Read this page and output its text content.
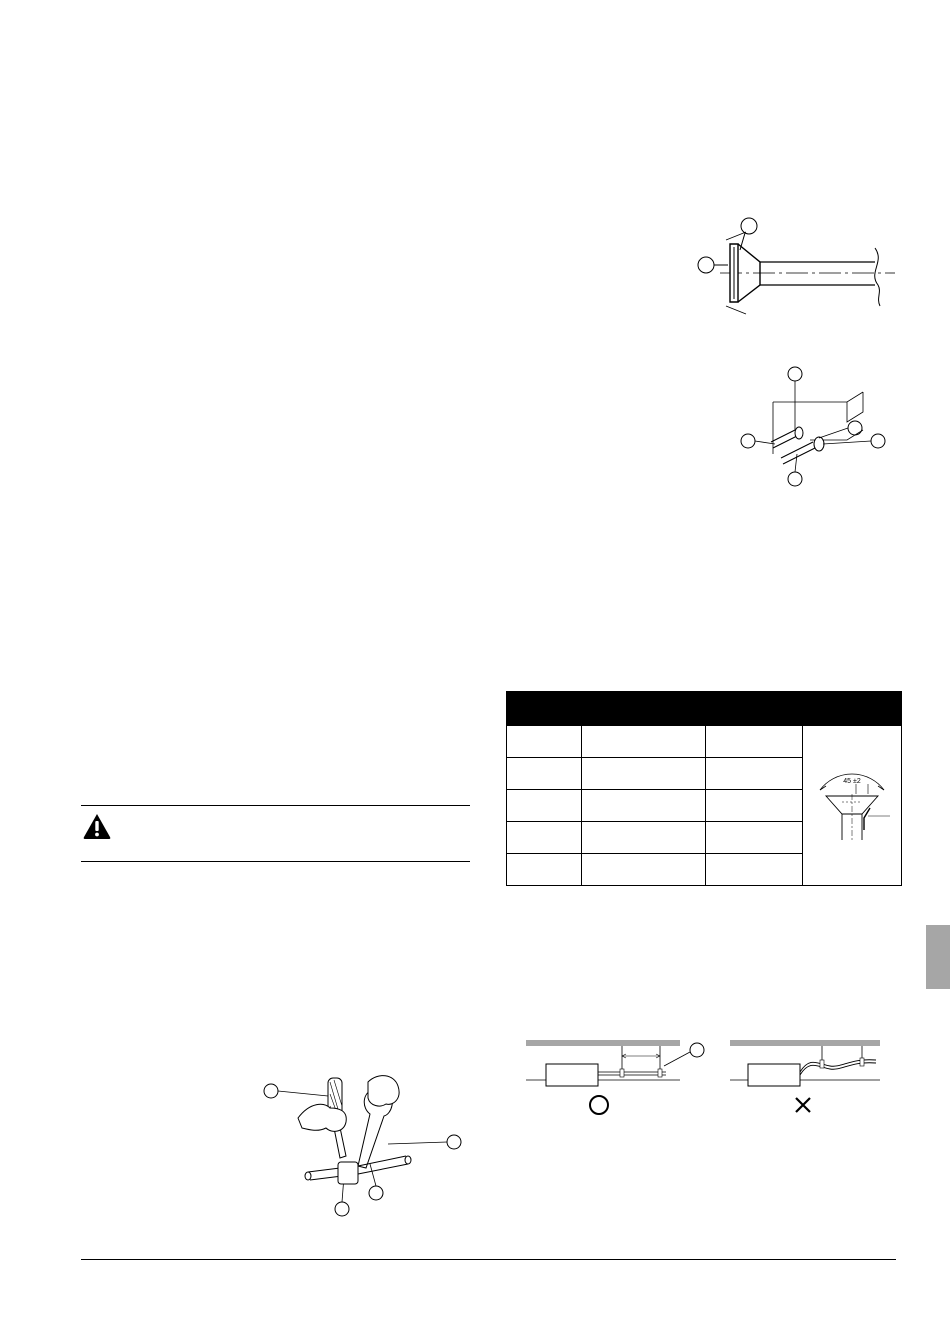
45 ±2
